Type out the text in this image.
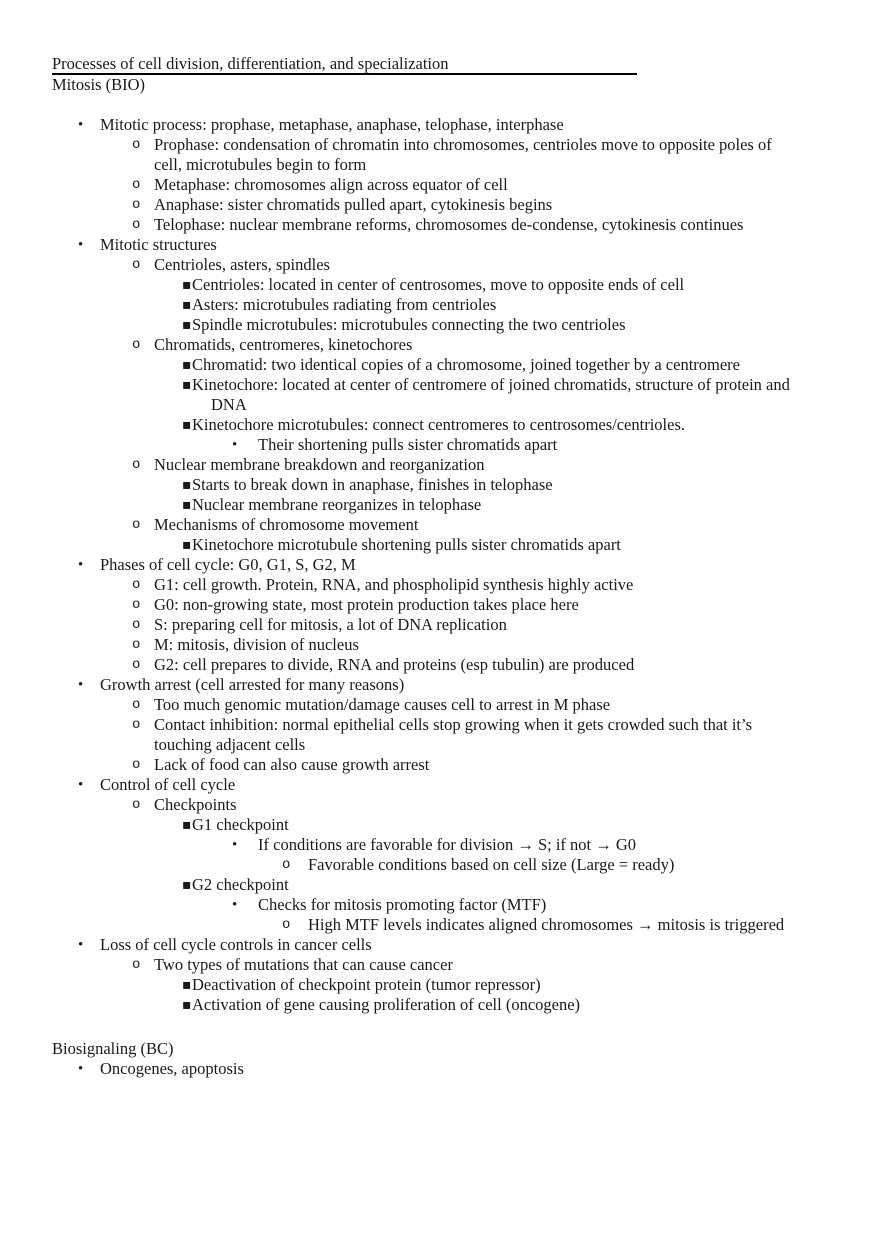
Processes of cell division, differentiation, and specialization
Mitosis (BIO)
• Mitotic process: prophase, metaphase, anaphase, telophase, interphase
o Prophase: condensation of chromatin into chromosomes, centrioles move to opposite poles of
cell, microtubules begin to form
o Metaphase: chromosomes align across equator of cell
o Anaphase: sister chromatids pulled apart, cytokinesis begins
o Telophase: nuclear membrane reforms, chromosomes de-condense, cytokinesis continues
• Mitotic structures
o Centrioles, asters, spindles
▪ Centrioles: located in center of centrosomes, move to opposite ends of cell
▪ Asters: microtubules radiating from centrioles
▪ Spindle microtubules: microtubules connecting the two centrioles
o Chromatids, centromeres, kinetochores
▪ Chromatid: two identical copies of a chromosome, joined together by a centromere
▪ Kinetochore: located at center of centromere of joined chromatids, structure of protein and
DNA
▪ Kinetochore microtubules: connect centromeres to centrosomes/centrioles.
• Their shortening pulls sister chromatids apart
o Nuclear membrane breakdown and reorganization
▪ Starts to break down in anaphase, finishes in telophase
▪ Nuclear membrane reorganizes in telophase
o Mechanisms of chromosome movement
▪ Kinetochore microtubule shortening pulls sister chromatids apart
• Phases of cell cycle: G0, G1, S, G2, M
o G1: cell growth. Protein, RNA, and phospholipid synthesis highly active
o G0: non-growing state, most protein production takes place here
o S: preparing cell for mitosis, a lot of DNA replication
o M: mitosis, division of nucleus
o G2: cell prepares to divide, RNA and proteins (esp tubulin) are produced
• Growth arrest (cell arrested for many reasons)
o Too much genomic mutation/damage causes cell to arrest in M phase
o Contact inhibition: normal epithelial cells stop growing when it gets crowded such that it’s
touching adjacent cells
o Lack of food can also cause growth arrest
• Control of cell cycle
o Checkpoints
▪ G1 checkpoint
• If conditions are favorable for division → S; if not → G0
o Favorable conditions based on cell size (Large = ready)
▪ G2 checkpoint
• Checks for mitosis promoting factor (MTF)
o High MTF levels indicates aligned chromosomes → mitosis is triggered
• Loss of cell cycle controls in cancer cells
o Two types of mutations that can cause cancer
▪ Deactivation of checkpoint protein (tumor repressor)
▪ Activation of gene causing proliferation of cell (oncogene)
Biosignaling (BC)
• Oncogenes, apoptosis
